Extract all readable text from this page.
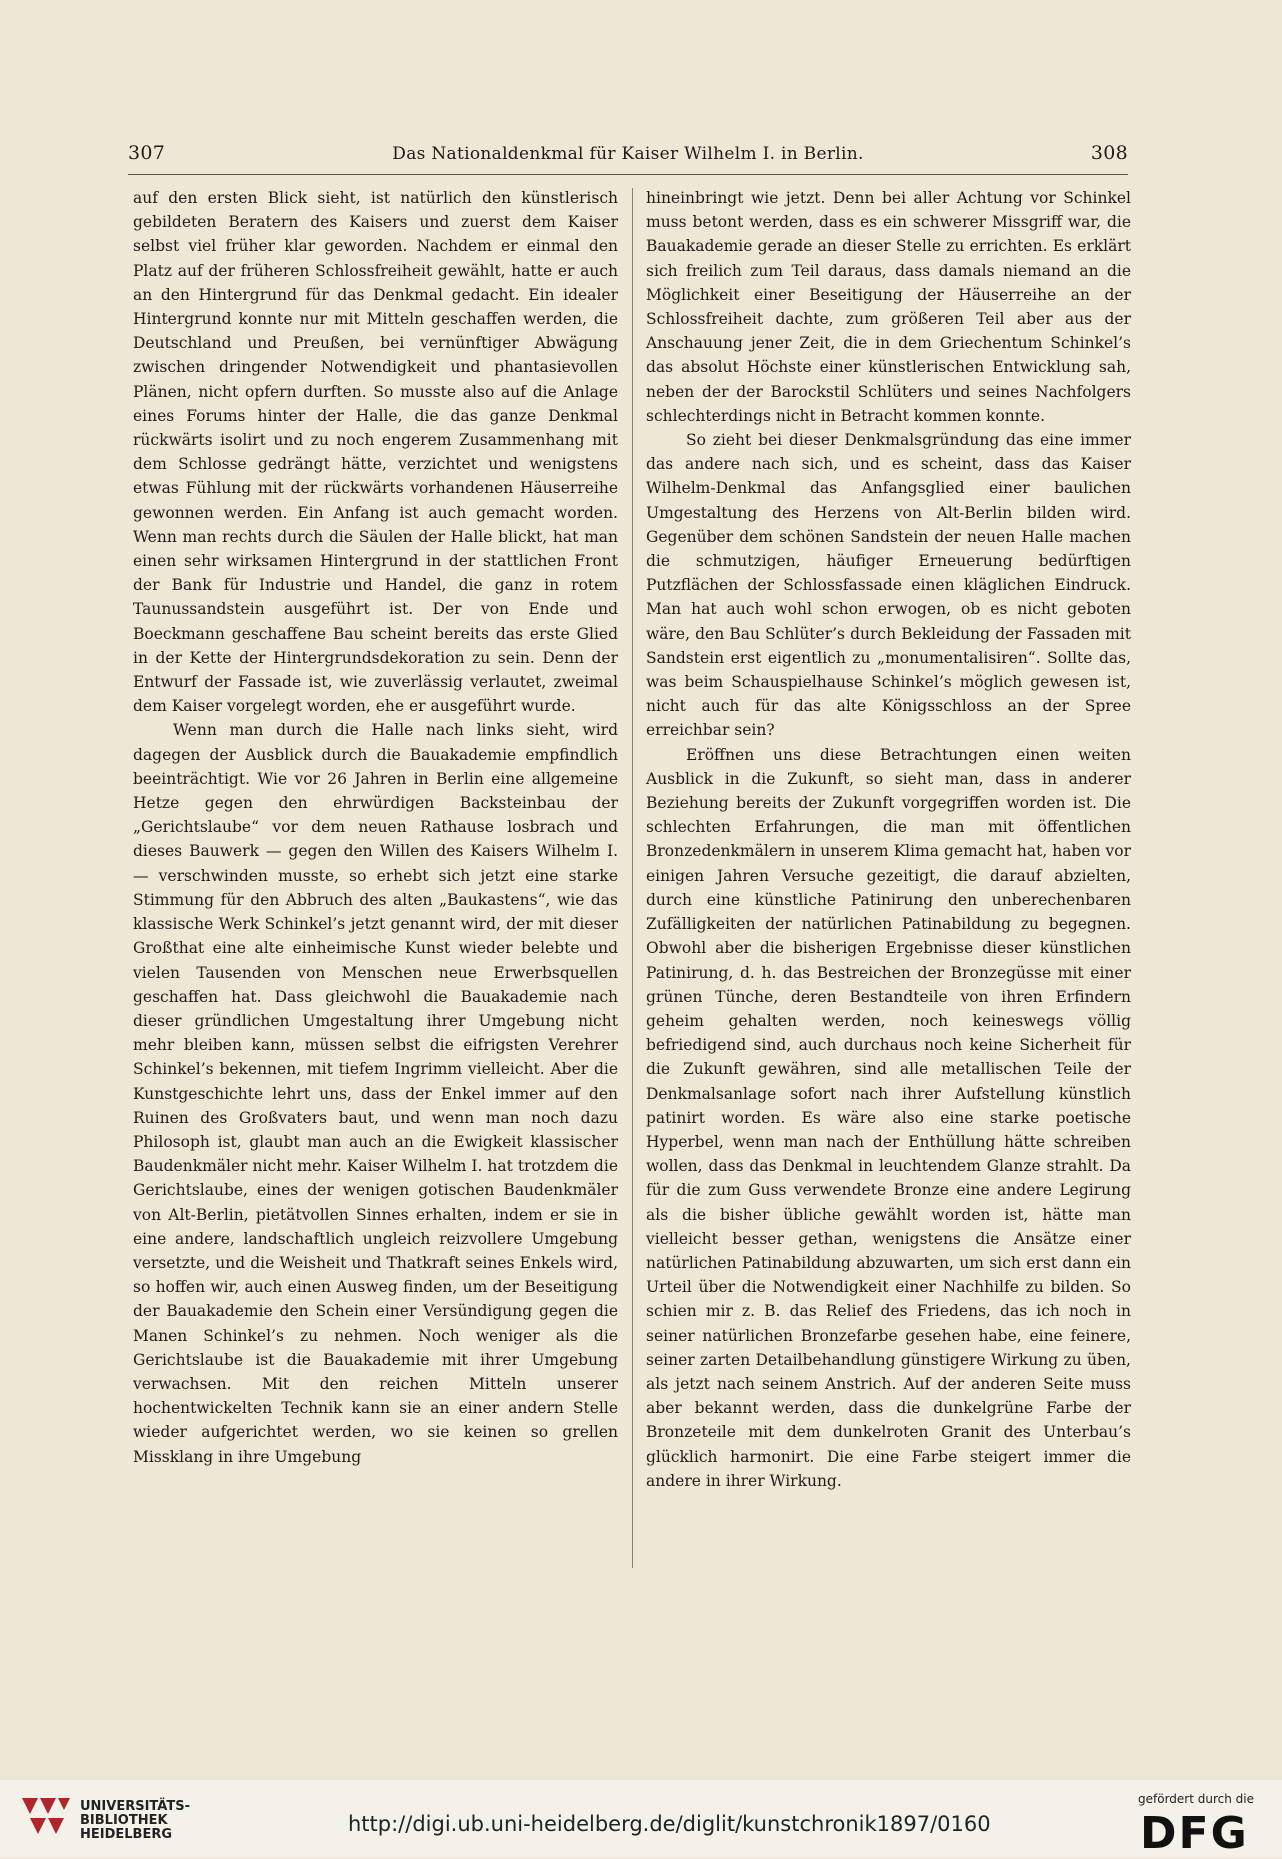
307	Das Nationaldenkmal für Kaiser Wilhelm I. in Berlin.	308

auf den ersten Blick sieht, ist natürlich den künstlerisch gebildeten Beratern des Kaisers und zuerst dem Kaiser selbst viel früher klar geworden. Nachdem er einmal den Platz auf der früheren Schlossfreiheit gewählt, hatte er auch an den Hintergrund für das Denkmal gedacht. Ein idealer Hintergrund konnte nur mit Mitteln geschaffen werden, die Deutschland und Preußen, bei vernünftiger Abwägung zwischen dringender Notwendigkeit und phantasievollen Plänen, nicht opfern durften. So musste also auf die Anlage eines Forums hinter der Halle, die das ganze Denkmal rückwärts isolirt und zu noch engerem Zusammenhang mit dem Schlosse gedrängt hätte, verzichtet und wenigstens etwas Fühlung mit der rückwärts vorhandenen Häuserreihe gewonnen werden. Ein Anfang ist auch gemacht worden. Wenn man rechts durch die Säulen der Halle blickt, hat man einen sehr wirksamen Hintergrund in der stattlichen Front der Bank für Industrie und Handel, die ganz in rotem Taunussandstein ausgeführt ist. Der von Ende und Boeckmann geschaffene Bau scheint bereits das erste Glied in der Kette der Hintergrundsdekoration zu sein. Denn der Entwurf der Fassade ist, wie zuverlässig verlautet, zweimal dem Kaiser vorgelegt worden, ehe er ausgeführt wurde.

Wenn man durch die Halle nach links sieht, wird dagegen der Ausblick durch die Bauakademie empfindlich beeinträchtigt. Wie vor 26 Jahren in Berlin eine allgemeine Hetze gegen den ehrwürdigen Backsteinbau der „Gerichtslaube“ vor dem neuen Rathause losbrach und dieses Bauwerk — gegen den Willen des Kaisers Wilhelm I. — verschwinden musste, so erhebt sich jetzt eine starke Stimmung für den Abbruch des alten „Baukastens“, wie das klassische Werk Schinkel’s jetzt genannt wird, der mit dieser Großthat eine alte einheimische Kunst wieder belebte und vielen Tausenden von Menschen neue Erwerbsquellen geschaffen hat. Dass gleichwohl die Bauakademie nach dieser gründlichen Umgestaltung ihrer Umgebung nicht mehr bleiben kann, müssen selbst die eifrigsten Verehrer Schinkel’s bekennen, mit tiefem Ingrimm vielleicht. Aber die Kunstgeschichte lehrt uns, dass der Enkel immer auf den Ruinen des Großvaters baut, und wenn man noch dazu Philosoph ist, glaubt man auch an die Ewigkeit klassischer Baudenkmäler nicht mehr. Kaiser Wilhelm I. hat trotzdem die Gerichtslaube, eines der wenigen gotischen Baudenkmäler von Alt-Berlin, pietätvollen Sinnes erhalten, indem er sie in eine andere, landschaftlich ungleich reizvollere Umgebung versetzte, und die Weisheit und Thatkraft seines Enkels wird, so hoffen wir, auch einen Ausweg finden, um der Beseitigung der Bauakademie den Schein einer Versündigung gegen die Manen Schinkel’s zu nehmen. Noch weniger als die Gerichtslaube ist die Bauakademie mit ihrer Umgebung verwachsen. Mit den reichen Mitteln unserer hochentwickelten Technik kann sie an einer andern Stelle wieder aufgerichtet werden, wo sie keinen so grellen Missklang in ihre Umgebung

hineinbringt wie jetzt. Denn bei aller Achtung vor Schinkel muss betont werden, dass es ein schwerer Missgriff war, die Bauakademie gerade an dieser Stelle zu errichten. Es erklärt sich freilich zum Teil daraus, dass damals niemand an die Möglichkeit einer Beseitigung der Häuserreihe an der Schlossfreiheit dachte, zum größeren Teil aber aus der Anschauung jener Zeit, die in dem Griechentum Schinkel’s das absolut Höchste einer künstlerischen Entwicklung sah, neben der der Barockstil Schlüters und seines Nachfolgers schlechterdings nicht in Betracht kommen konnte.

So zieht bei dieser Denkmalsgründung das eine immer das andere nach sich, und es scheint, dass das Kaiser Wilhelm-Denkmal das Anfangsglied einer baulichen Umgestaltung des Herzens von Alt-Berlin bilden wird. Gegenüber dem schönen Sandstein der neuen Halle machen die schmutzigen, häufiger Erneuerung bedürftigen Putzflächen der Schlossfassade einen kläglichen Eindruck. Man hat auch wohl schon erwogen, ob es nicht geboten wäre, den Bau Schlüter’s durch Bekleidung der Fassaden mit Sandstein erst eigentlich zu „monumentalisiren“. Sollte das, was beim Schauspielhause Schinkel’s möglich gewesen ist, nicht auch für das alte Königsschloss an der Spree erreichbar sein?

Eröffnen uns diese Betrachtungen einen weiten Ausblick in die Zukunft, so sieht man, dass in anderer Beziehung bereits der Zukunft vorgegriffen worden ist. Die schlechten Erfahrungen, die man mit öffentlichen Bronzedenkmälern in unserem Klima gemacht hat, haben vor einigen Jahren Versuche gezeitigt, die darauf abzielten, durch eine künstliche Patinirung den unberechenbaren Zufälligkeiten der natürlichen Patinabildung zu begegnen. Obwohl aber die bisherigen Ergebnisse dieser künstlichen Patinirung, d. h. das Bestreichen der Bronzegüsse mit einer grünen Tünche, deren Bestandteile von ihren Erfindern geheim gehalten werden, noch keineswegs völlig befriedigend sind, auch durchaus noch keine Sicherheit für die Zukunft gewähren, sind alle metallischen Teile der Denkmalsanlage sofort nach ihrer Aufstellung künstlich patinirt worden. Es wäre also eine starke poetische Hyperbel, wenn man nach der Enthüllung hätte schreiben wollen, dass das Denkmal in leuchtendem Glanze strahlt. Da für die zum Guss verwendete Bronze eine andere Legirung als die bisher übliche gewählt worden ist, hätte man vielleicht besser gethan, wenigstens die Ansätze einer natürlichen Patinabildung abzuwarten, um sich erst dann ein Urteil über die Notwendigkeit einer Nachhilfe zu bilden. So schien mir z. B. das Relief des Friedens, das ich noch in seiner natürlichen Bronzefarbe gesehen habe, eine feinere, seiner zarten Detailbehandlung günstigere Wirkung zu üben, als jetzt nach seinem Anstrich. Auf der anderen Seite muss aber bekannt werden, dass die dunkelgrüne Farbe der Bronzeteile mit dem dunkelroten Granit des Unterbau’s glücklich harmonirt. Die eine Farbe steigert immer die andere in ihrer Wirkung.

UNIVERSITÄTS-
BIBLIOTHEK
HEIDELBERG	http://digi.ub.uni-heidelberg.de/diglit/kunstchronik1897/0160
gefördert durch die
DFG
